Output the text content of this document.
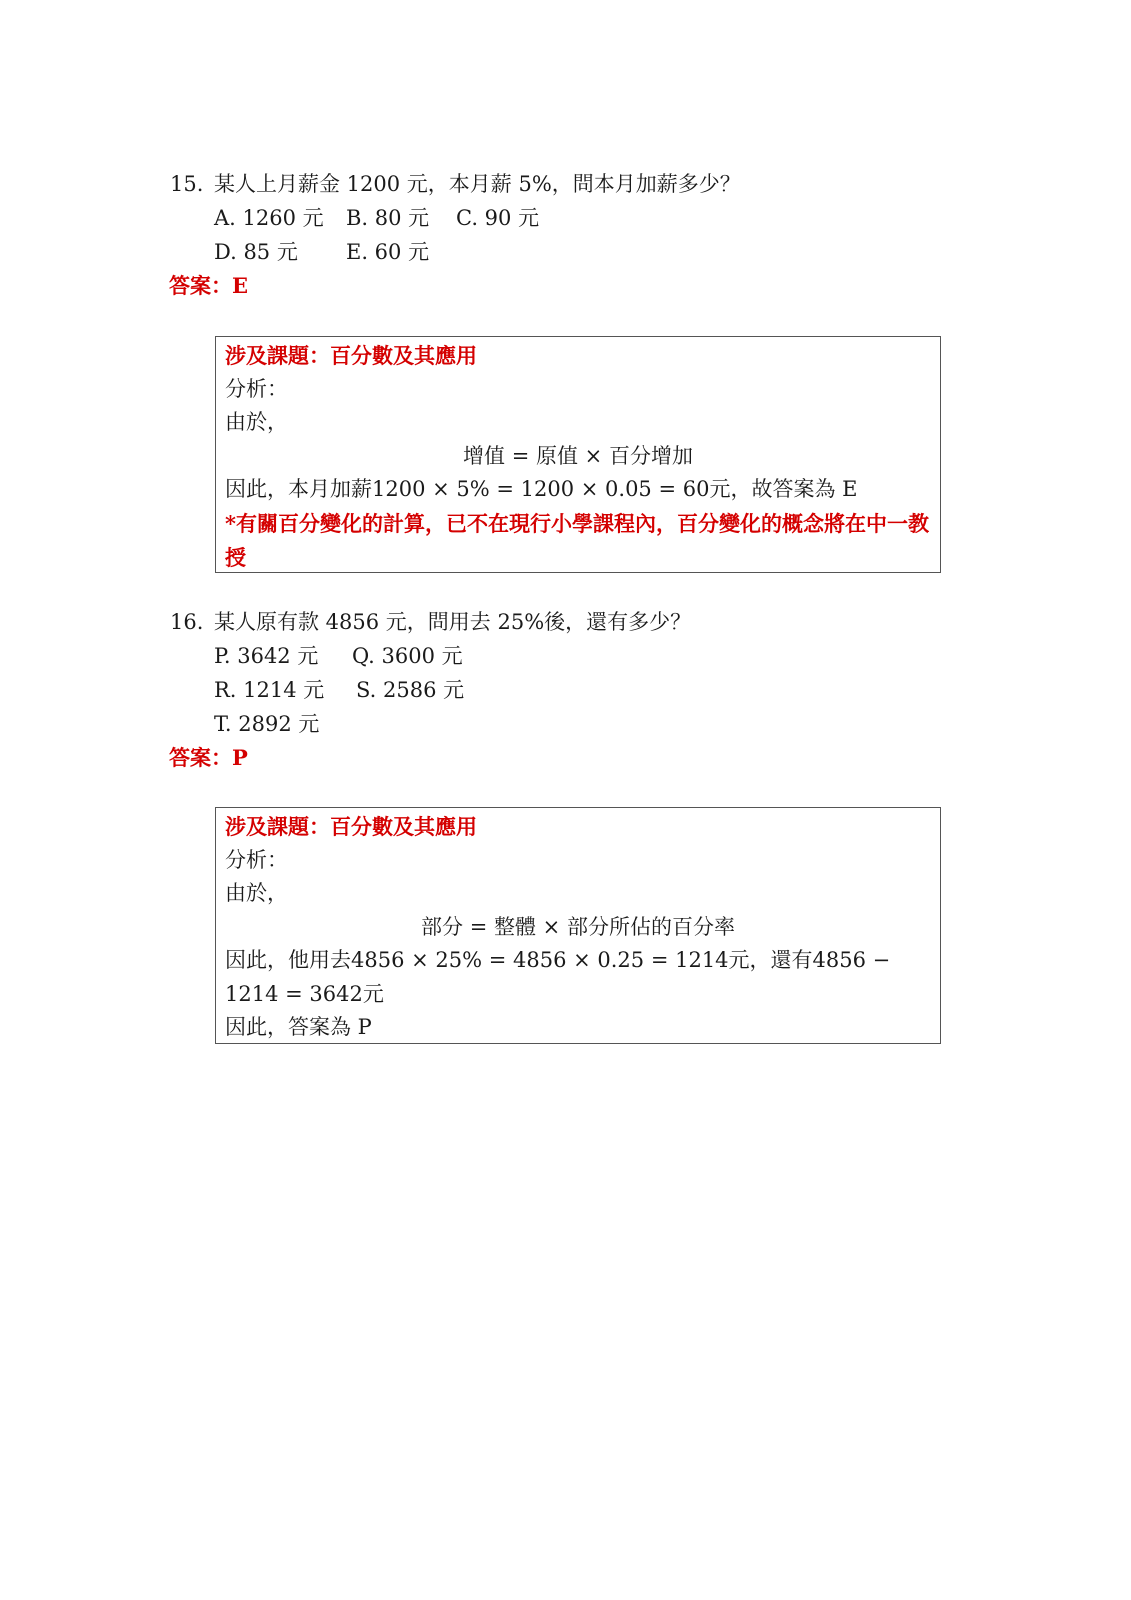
15. 某人上月薪金 1200 元，本月薪 5%，問本月加薪多少？
A. 1260 元 B. 80 元 C. 90 元
D. 85 元 E. 60 元
答案：E
涉及課題：百分數及其應用
分析：
由於，
增值 = 原值 × 百分增加
因此，本月加薪1200 × 5% = 1200 × 0.05 = 60元，故答案為 E
*有關百分變化的計算，已不在現行小學課程內，百分變化的概念將在中一教授
16. 某人原有款 4856 元，問用去 25%後，還有多少？
P. 3642 元 Q. 3600 元
R. 1214 元 S. 2586 元
T. 2892 元
答案：P
涉及課題：百分數及其應用
分析：
由於，
部分 = 整體 × 部分所佔的百分率
因此，他用去4856 × 25% = 4856 × 0.25 = 1214元，還有4856 −
1214 = 3642元
因此，答案為 P
